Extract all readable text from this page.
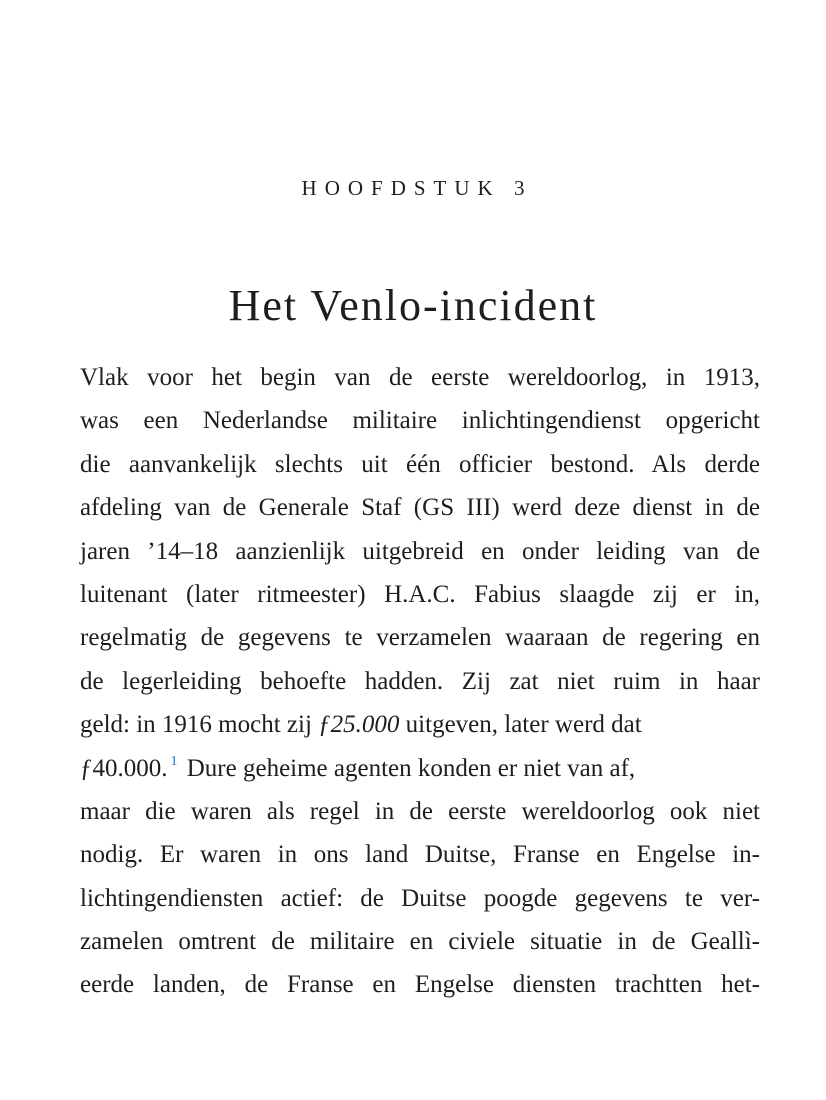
HOOFDSTUK 3
Het Venlo-incident
Vlak voor het begin van de eerste wereldoorlog, in 1913,
was een Nederlandse militaire inlichtingendienst opgericht
die aanvankelijk slechts uit één officier bestond. Als derde
afdeling van de Generale Staf (GS III) werd deze dienst in de
jaren ’14–18 aanzienlijk uitgebreid en onder leiding van de
luitenant (later ritmeester) H.A.C. Fabius slaagde zij er in,
regelmatig de gegevens te verzamelen waaraan de regering en
de legerleiding behoefte hadden. Zij zat niet ruim in haar
geld: in 1916 mocht zij ƒ25.000 uitgeven, later werd dat
ƒ40.000. $^1$ Dure geheime agenten konden er niet van af,
maar die waren als regel in de eerste wereldoorlog ook niet
nodig. Er waren in ons land Duitse, Franse en Engelse in-
lichtingendiensten actief: de Duitse poogde gegevens te ver-
zamelen omtrent de militaire en civiele situatie in de Geallì-
eerde landen, de Franse en Engelse diensten trachtten het-
